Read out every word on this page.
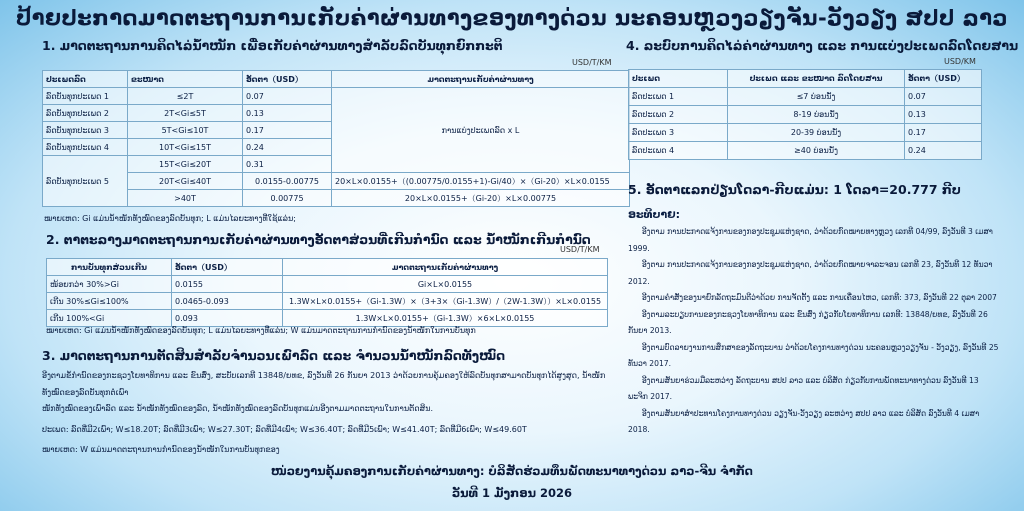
ປ້າຍປະກາດມາດຕະຖານການເກັບຄ່າຜ່ານທາງຂອງທາງດ່ວນ ນະຄອນຫຼວງວຽງຈັນ-ວັງວຽງ ສປປ ລາວ
1. ມາດຕະຖານການຄິດໄລ່ນໍ້າໜັກ ເພື່ອເກັບຄ່າຜ່ານທາງສໍາລັບລົດບັນທຸກຍົກກະຕິ
USD/T/KM
ປະເພດລົດ	ຂະໜາດ	ອັດຕາ（USD）	ມາດຕະຖານເກັບຄ່າຜ່ານທາງ
ລົດບັນທຸກປະເພດ 1	≤2T	0.07	ການແບ່ງປະເພດລົດ x L
ລົດບັນທຸກປະເພດ 2	2T<Gi≤5T	0.13	
ລົດບັນທຸກປະເພດ 3	5T<Gi≤10T	0.17	
ລົດບັນທຸກປະເພດ 4	10T<Gi≤15T	0.24	
ລົດບັນທຸກປະເພດ 5	15T<Gi≤20T	0.31	
	20T<Gi≤40T	0.0155-0.00775	20×L×0.0155+（(0.00775/0.0155+1)-Gi/40）×（Gi-20）×L×0.0155
	>40T	0.00775	20×L×0.0155+（Gi-20）×L×0.00775
ໝາຍເຫດ: Gi ແມ່ນນໍ້າໜັກທັງໝົດຂອງລົດບັນທຸກ; L ແມ່ນໄລຍະທາງທີ່ໃຊ້ແລ່ນ;
2. ຕາຕະລາງມາດຕະຖານການເກັບຄ່າຜ່ານທາງອັດຕາສ່ວນທີ່ເກີນກໍານົດ ແລະ ນໍ້າໜັກເກີນກໍານົດ
USD/T/KM
ການບັນທຸກສ່ວນເກີນ	ອັດຕາ（USD）	ມາດຕະຖານເກັບຄ່າຜ່ານທາງ
ໜ້ອຍກວ່າ 30%>Gi	0.0155	Gi×L×0.0155
ເກີນ 30%≤Gi≤100%	0.0465-0.093	1.3W×L×0.0155+（Gi-1.3W）×（3+3×（Gi-1.3W）/（2W-1.3W））×L×0.0155
ເກີນ 100%<Gi	0.093	1.3W×L×0.0155+（Gi-1.3W）×6×L×0.0155
ໝາຍເຫດ: Gi ແມ່ນນໍ້າໜັກທັງໝົດຂອງລົດບັນທຸກ; L ແມ່ນໄລຍະທາງທີ່ແລ່ນ; W ແມ່ນມາດຕະຖານການກໍານົດຂອງນໍ້າໜັກໃນການບັນທຸກ
3. ມາດຕະຖານການຕັດສິນສໍາລັບຈໍານວນເພົາລົດ ແລະ ຈໍານວນນໍ້າໜັກລົດທັງໝົດ
ອີງຕາມຂໍ້ກໍານົດຂອງກະຊວງໂຍທາທິການ ແລະ ຂົນສົ່ງ, ສະບັບເລກທີ 13848/ຍທຂ, ລົງວັນທີ 26 ກັນຍາ 2013 ວ່າດ້ວຍການຄຸ້ມຄອງໃຫ້ລົດບັນທຸກສາມາດບັນທຸກໄດ້ສູງສຸດ, ນໍ້າໜັກທັງໝົດຂອງລົດບັນທຸກຕໍ່ເພົາ
ໜັກທັງໝົດຂອງເພົາລົດ ແລະ ນໍ້າໜັກທັງໝົດຂອງລົດ, ນໍ້າໜັກທັງໝົດຂອງລົດບັນທຸກແມ່ນອີງຕາມມາດຕະຖານໃນການຕັດສິນ.
ປະເພດ: ລົດທີ່ມີ2ເພົາ; W≤18.20T; ລົດທີ່ມີ3ເພົາ; W≤27.30T; ລົດທີ່ມີ4ເພົາ; W≤36.40T; ລົດທີ່ມີ5ເພົາ; W≤41.40T; ລົດທີ່ມີ6ເພົາ; W≤49.60T
ໝາຍເຫດ: W ແມ່ນມາດຕະຖານການກໍານົດຂອງນໍ້າໜັກໃນການບັນທຸກຂອງ
4. ລະບົບການຄິດໄລ່ຄ່າຜ່ານທາງ ແລະ ການແບ່ງປະເພດລົດໂດຍສານ
USD/KM
ປະເພດ	ປະເພດ ແລະ ຂະໜາດ ລົດໂດຍສານ	ອັດຕາ（USD）
ລົດປະເພດ 1	≤7 ບ່ອນນັ່ງ	0.07
ລົດປະເພດ 2	8-19 ບ່ອນນັ່ງ	0.13
ລົດປະເພດ 3	20-39 ບ່ອນນັ່ງ	0.17
ລົດປະເພດ 4	≥40 ບ່ອນນັ່ງ	0.24
5. ອັດຕາແລກປ່ຽນໂດລາ-ກີບແມ່ນ: 1 ໂດລາ=20.777 ກີບ
ອະທິບາຍ:
ອີງຕາມ ການປະກາດແຈ້ງການຂອງກອງປະຊຸມແຫ່ງຊາດ, ວ່າດ້ວຍກົດໝາຍທາງຫຼວງ ເລກທີ 04/99, ລົງວັນທີ 3 ເມສາ 1999.
ອີງຕາມ ການປະກາດແຈ້ງການຂອງກອງປະຊຸມແຫ່ງຊາດ, ວ່າດ້ວຍກົດໝາຍຈາລະຈອນ ເລກທີ 23, ລົງວັນທີ 12 ທັນວາ 2012.
ອີງຕາມຄໍາສັ່ງຂອງນາຍົກລັດຖະມົນຕີວ່າດ້ວຍ ການຈັດຕັ້ງ ແລະ ການເຄື່ອນໄຫວ, ເລກທີ: 373, ລົງວັນທີ 22 ຕຸລາ 2007
ອີງຕາມລະບຽບການຂອງກະຊວງໂຍທາທິການ ແລະ ຂົນສົ່ງ ກ່ຽວກັບໂຍທາທິການ ເລກທີ: 13848/ຍທຂ, ລົງວັນທີ 26 ກັນຍາ 2013.
ອີງຕາມບົດລາຍງານການສຶກສາຂອງລັດຖະບານ ວ່າດ້ວຍໂຄງການທາງດ່ວນ ນະຄອນຫຼວງວຽງຈັນ - ວັງວຽງ, ລົງວັນທີ 25 ທັນວາ 2017.
ອີງຕາມສັນຍາຮ່ວມມືລະຫວ່າງ ລັດຖະບານ ສປປ ລາວ ແລະ ບໍລິສັດ ກ່ຽວກັບການພັດທະນາທາງດ່ວນ ລົງວັນທີ 13 ພະຈິກ 2017.
ອີງຕາມສັນຍາສໍາປະທານໂຄງການທາງດ່ວນ ວຽງຈັນ-ວັງວຽງ ລະຫວ່າງ ສປປ ລາວ ແລະ ບໍລິສັດ ລົງວັນທີ 4 ເມສາ 2018.
ໜ່ວຍງານຄຸ້ມຄອງການເກັບຄ່າຜ່ານທາງ: ບໍລິສັດຮ່ວມທຶນພັດທະນາທາງດ່ວນ ລາວ-ຈີນ ຈໍາກັດ
ວັນທີ 1 ມັງກອນ 2026
